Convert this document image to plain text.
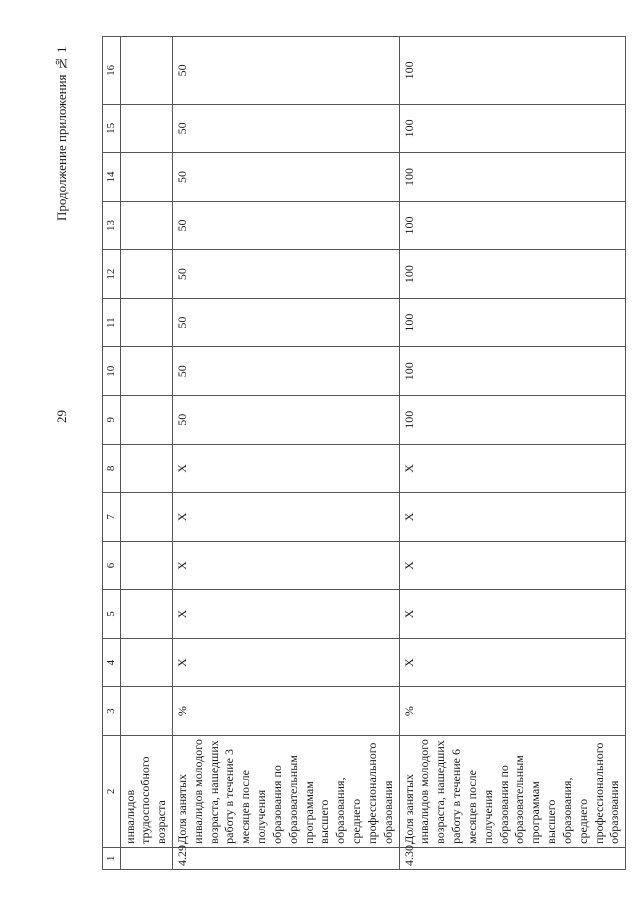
29
Продолжение приложения № 1
1	2	3	4	5	6	7	8	9	10	11	12	13	14	15	16
	инвалидов трудоспособного возраста														
4.29.	Доля занятых инвалидов молодого возраста, нашедших работу в течение 3 месяцев после получения образования по образовательным программам высшего образования, среднего профессионального образования	%	Х	Х	Х	Х	Х	50	50	50	50	50	50	50	50
4.30.	Доля занятых инвалидов молодого возраста, нашедших работу в течение 6 месяцев после получения образования по образовательным программам высшего образования, среднего профессионального образования	%	Х	Х	Х	Х	Х	100	100	100	100	100	100	100	100
